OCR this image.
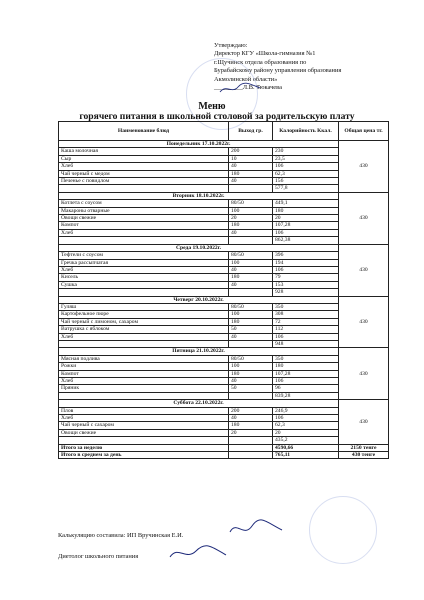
Утверждаю:
Директор КГУ «Школа-гимназия №1
г.Щучинск отдела образования по
Бурабайскому району управления образования
Акмолинской области»
_________Л.В. Тюкачева
Меню
горячего питания в школьной столовой за родительскую плату
Наименование блюд	Выход гр.	Калорийность Ккал.	Общая цена тг.
Понедельник 17.10.2022г.			430
Каша молочная	200	230	
Сыр	10	23,5	
Хлеб	40	106	
Чай черный с медом	180	62,3	
Печенье с повидлом	40	156	
		577,8	
Вторник 18.10.2022г.			430
Котлета с соусом	80/50	449,1	
Макароны отварные	100	180	
Овощи свежие	20	20	
Компот	180	107,28	
Хлеб	40	106	
		862,38	
Среда 19.10.2022г.			430
Тефтели с соусом	80/50	396	
Гречка рассыпчатая	100	194	
Хлеб	40	106	
Кисель	180	79	
Сушка	40	153	
		928	
Четверг 20.10.2022г.			430
Гуляш	80/50	350	
Картофельное пюре	100	308	
Чай черный с лимоном, сахаром	180	72	
Ватрушка с яблоком	50	112	
Хлеб	40	106	
		948	
Пятница 21.10.2022г.			430
Мясная подлива	80/50	350	
Рожки	100	180	
Компот	180	107,28	
Хлеб	40	106	
Пряник	50	96	
		839,28	
Суббота 22.10.2022г.			430
Плов	200	246,9	
Хлеб	40	106	
Чай черный с сахаром	180	62,3	
Овощи свежие	20	20	
		435,2	
Итого за неделю		4590,66	2150 тенге
Итого в среднем за день		765,11	430 тенге
Калькуляцию составила: ИП Вручинская Е.И.
Диетолог школьного питания
